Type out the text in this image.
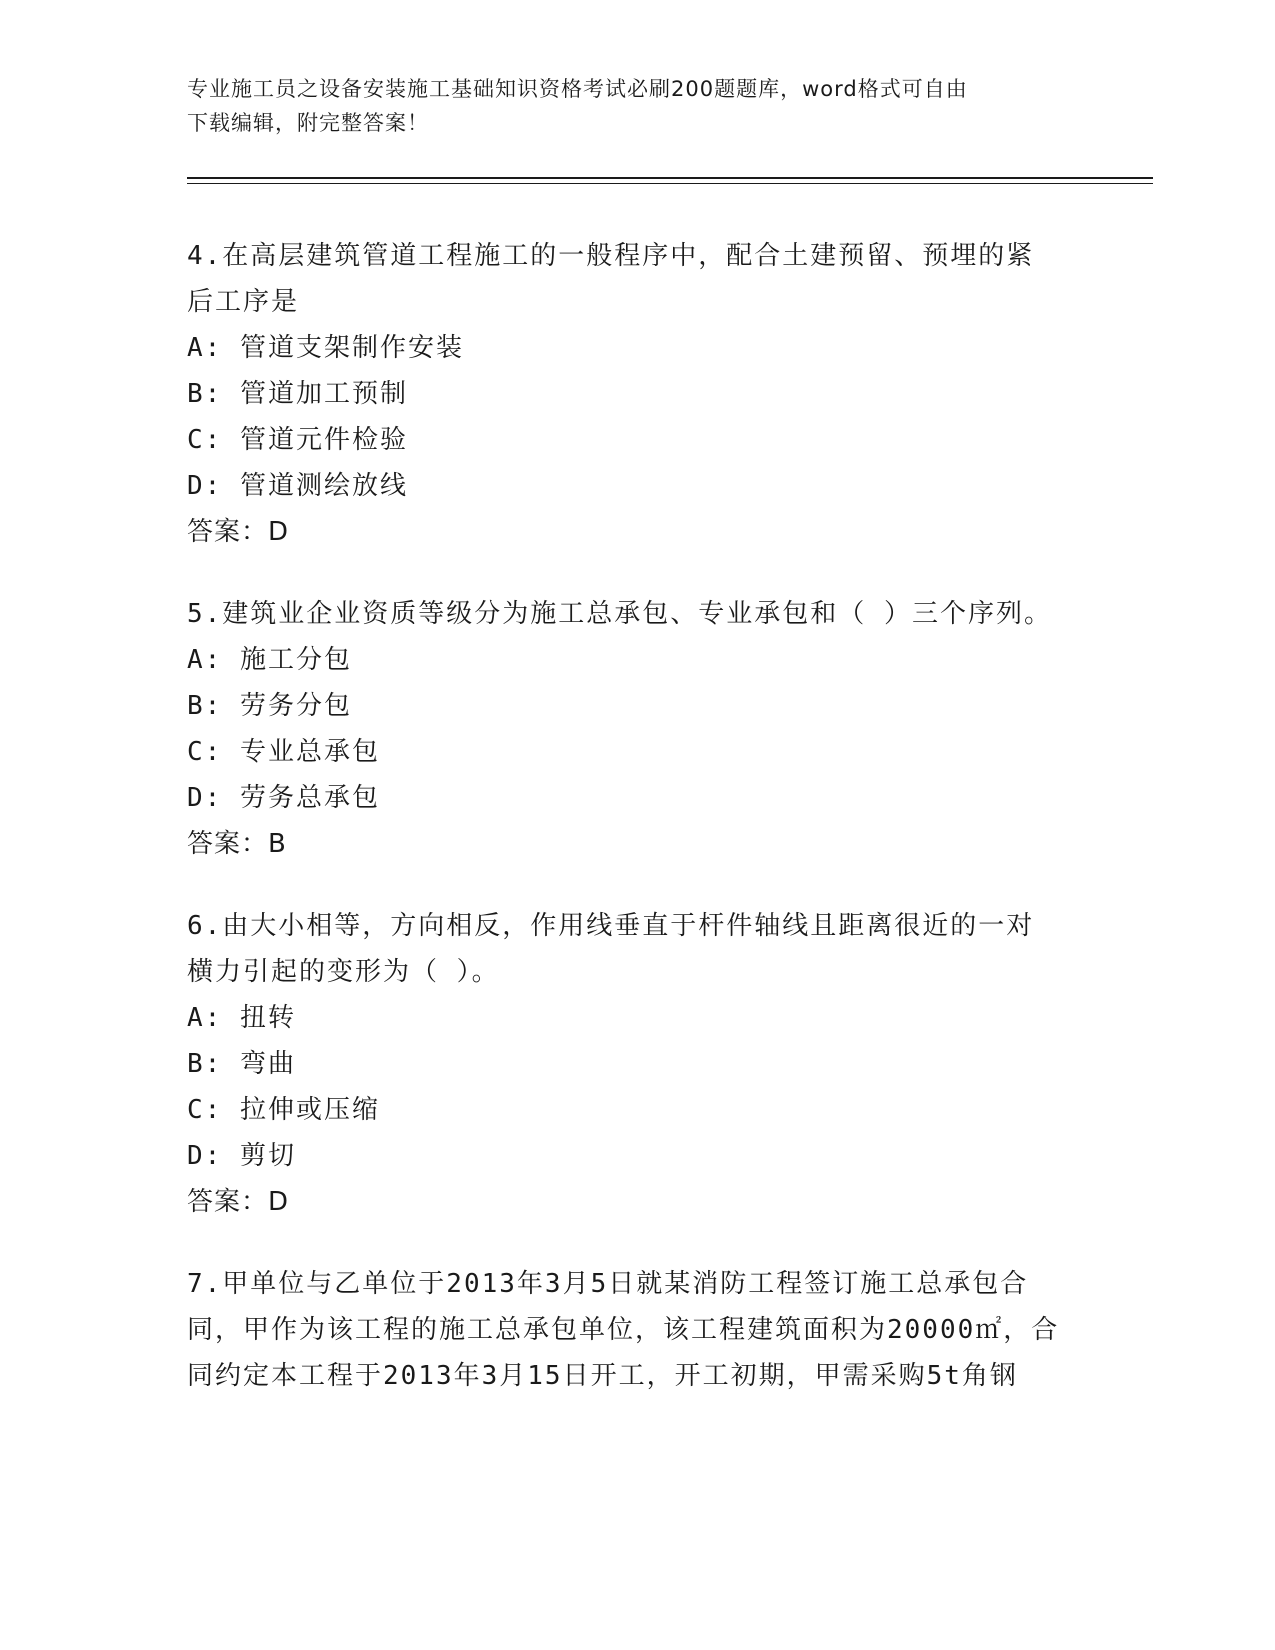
专业施工员之设备安装施工基础知识资格考试必刷200题题库，word格式可自由
下载编辑，附完整答案！
4.在高层建筑管道工程施工的一般程序中，配合土建预留、预埋的紧
后工序是
A: 管道支架制作安装
B: 管道加工预制
C: 管道元件检验
D: 管道测绘放线
答案：D
5.建筑业企业资质等级分为施工总承包、专业承包和（ ）三个序列。
A: 施工分包
B: 劳务分包
C: 专业总承包
D: 劳务总承包
答案：B
6.由大小相等，方向相反，作用线垂直于杆件轴线且距离很近的一对
横力引起的变形为（ ）。
A: 扭转
B: 弯曲
C: 拉伸或压缩
D: 剪切
答案：D
7.甲单位与乙单位于2013年3月5日就某消防工程签订施工总承包合
同，甲作为该工程的施工总承包单位，该工程建筑面积为20000㎡，合
同约定本工程于2013年3月15日开工，开工初期，甲需采购5t角钢
